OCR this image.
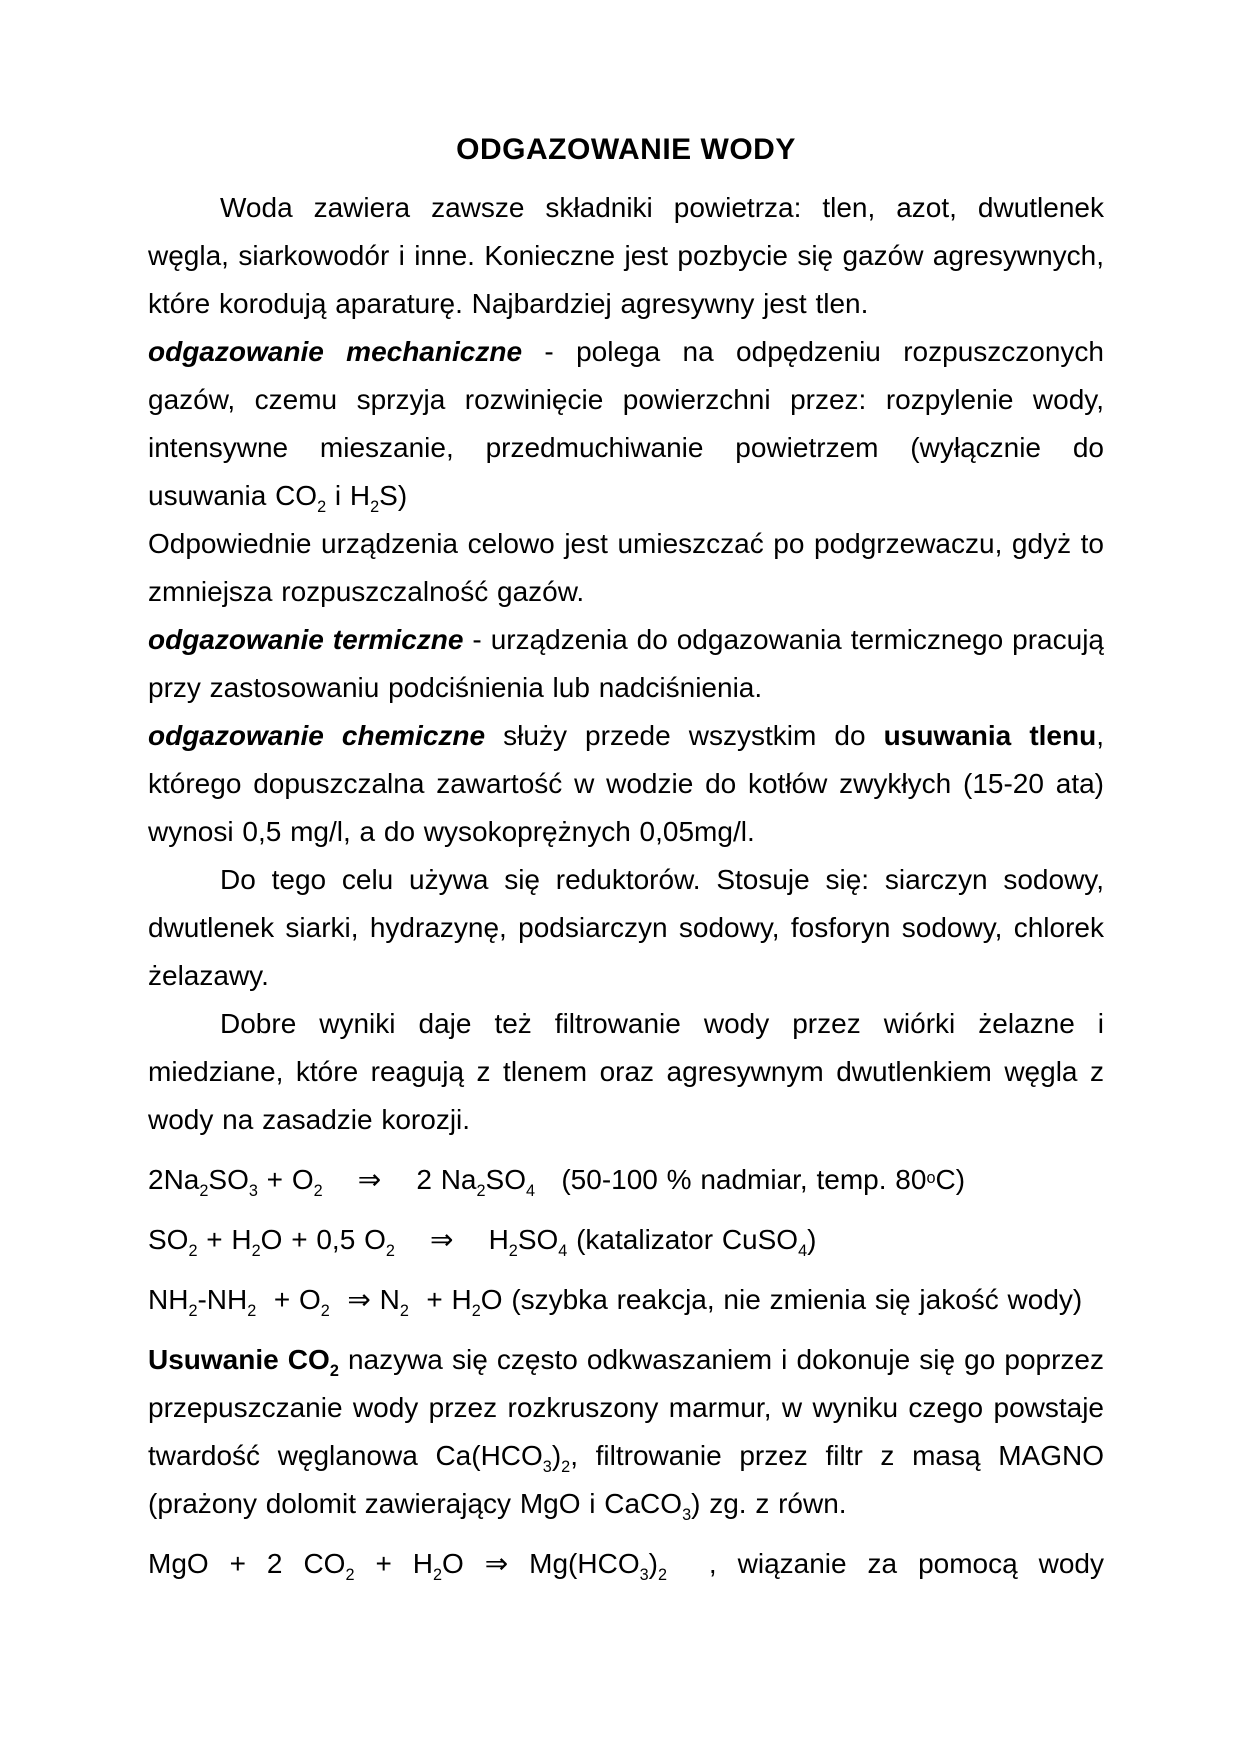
ODGAZOWANIE WODY

Woda zawiera zawsze składniki powietrza: tlen, azot, dwutlenek węgla, siarkowodór i inne. Konieczne jest pozbycie się gazów agresywnych, które korodują aparaturę. Najbardziej agresywny jest tlen.

odgazowanie mechaniczne - polega na odpędzeniu rozpuszczonych gazów, czemu sprzyja rozwinięcie powierzchni przez: rozpylenie wody, intensywne mieszanie, przedmuchiwanie powietrzem (wyłącznie do usuwania $CO_2$ i $H_2S$)

Odpowiednie urządzenia celowo jest umieszczać po podgrzewaczu, gdyż to zmniejsza rozpuszczalność gazów.

odgazowanie termiczne - urządzenia do odgazowania termicznego pracują przy zastosowaniu podciśnienia lub nadciśnienia.

odgazowanie chemiczne służy przede wszystkim do usuwania tlenu, którego dopuszczalna zawartość w wodzie do kotłów zwykłych (15-20 ata) wynosi 0,5 mg/l, a do wysokoprężnych 0,05mg/l.

Do tego celu używa się reduktorów. Stosuje się: siarczyn sodowy, dwutlenek siarki, hydrazynę, podsiarczyn sodowy, fosforyn sodowy, chlorek żelazawy.

Dobre wyniki daje też filtrowanie wody przez wiórki żelazne i miedziane, które reagują z tlenem oraz agresywnym dwutlenkiem węgla z wody na zasadzie korozji.

$2Na_2SO_3 + O_2$    ⇒    2 $Na_2SO_4$   (50-100 % nadmiar, temp. 80$^o$C)

$SO_2 + H_2O + 0,5$ $O_2$    ⇒    $H_2SO_4$ (katalizator CuSO$_4$)

$NH_2-NH_2 + O_2$  ⇒ $N_2 + H_2O$ (szybka reakcja, nie zmienia się jakość wody)

Usuwanie $CO_2$ nazywa się często odkwaszaniem i dokonuje się go poprzez przepuszczanie wody przez rozkruszony marmur, w wyniku czego powstaje twardość węglanowa $Ca(HCO_3)_2$, filtrowanie przez filtr z masą MAGNO (prażony dolomit zawierający MgO i CaCO$_3$) zg. z równ.

MgO + 2 $CO_2 + H_2O$ ⇒ $Mg(HCO_3)_2$  , wiązanie za pomocą wody
